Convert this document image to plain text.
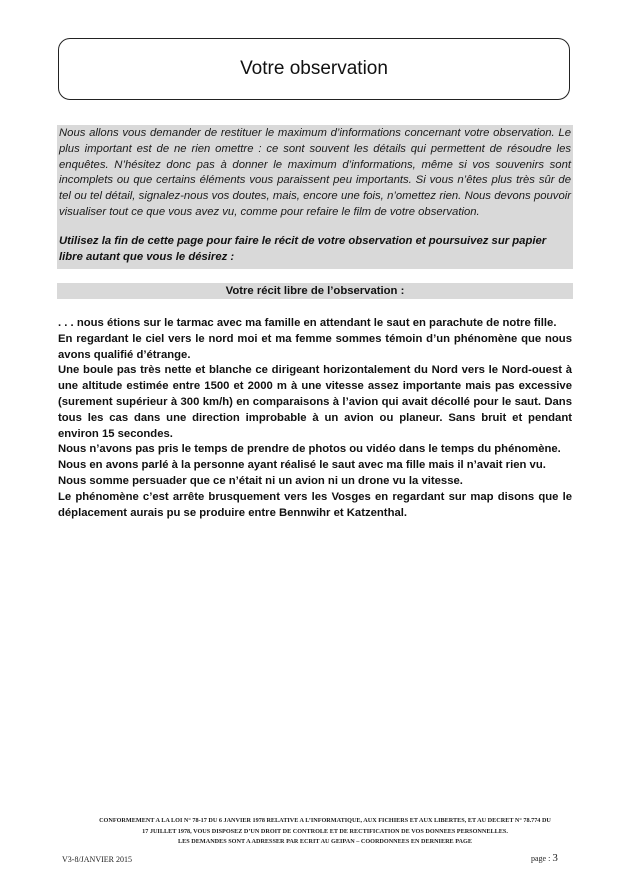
Votre observation

Nous allons vous demander de restituer le maximum d’informations concernant votre observation. Le plus important est de ne rien omettre : ce sont souvent les détails qui permettent de résoudre les enquêtes. N’hésitez donc pas à donner le maximum d’informations, même si vos souvenirs sont incomplets ou que certains éléments vous paraissent peu importants. Si vous n’êtes plus très sûr de tel ou tel détail, signalez-nous vos doutes, mais, encore une fois, n’omettez rien. Nous devons pouvoir visualiser tout ce que vous avez vu, comme pour refaire le film de votre observation.

Utilisez la fin de cette page pour faire le récit de votre observation et poursuivez sur papier libre autant que vous le désirez :

Votre récit libre de l’observation :

. . . nous étions sur le tarmac avec ma famille en attendant le saut en parachute de notre fille.

En regardant le ciel vers le nord moi et ma femme sommes témoin d’un phénomène que nous avons qualifié d’étrange.

Une boule pas très nette et blanche ce dirigeant horizontalement du Nord vers le Nord-ouest à une altitude estimée entre 1500 et 2000 m à une vitesse assez importante mais pas excessive (surement supérieur à 300 km/h) en comparaisons à l’avion qui avait décollé pour le saut. Dans tous les cas dans une direction improbable à un avion ou planeur. Sans bruit et pendant environ 15 secondes.

Nous n’avons pas pris le temps de prendre de photos ou vidéo dans le temps du phénomène.

Nous en avons parlé à la personne ayant réalisé le saut avec ma fille mais il n’avait rien vu.

Nous somme persuader que ce n’était ni un avion ni un drone vu la vitesse.

Le phénomène c’est arrête brusquement vers les Vosges en regardant sur map disons que le déplacement aurais pu se produire entre Bennwihr et Katzenthal.

CONFORMEMENT A LA LOI N° 78-17 DU 6 JANVIER 1978 RELATIVE A L’INFORMATIQUE, AUX FICHIERS ET AUX LIBERTES, ET AU DECRET N° 78.774 DU
17 JUILLET 1978, VOUS DISPOSEZ D’UN DROIT DE CONTROLE ET DE RECTIFICATION DE VOS DONNEES PERSONNELLES.
LES DEMANDES SONT A ADRESSER PAR ECRIT AU GEIPAN – COORDONNEES EN DERNIERE PAGE
V3-8/JANVIER 2015	page : 3
